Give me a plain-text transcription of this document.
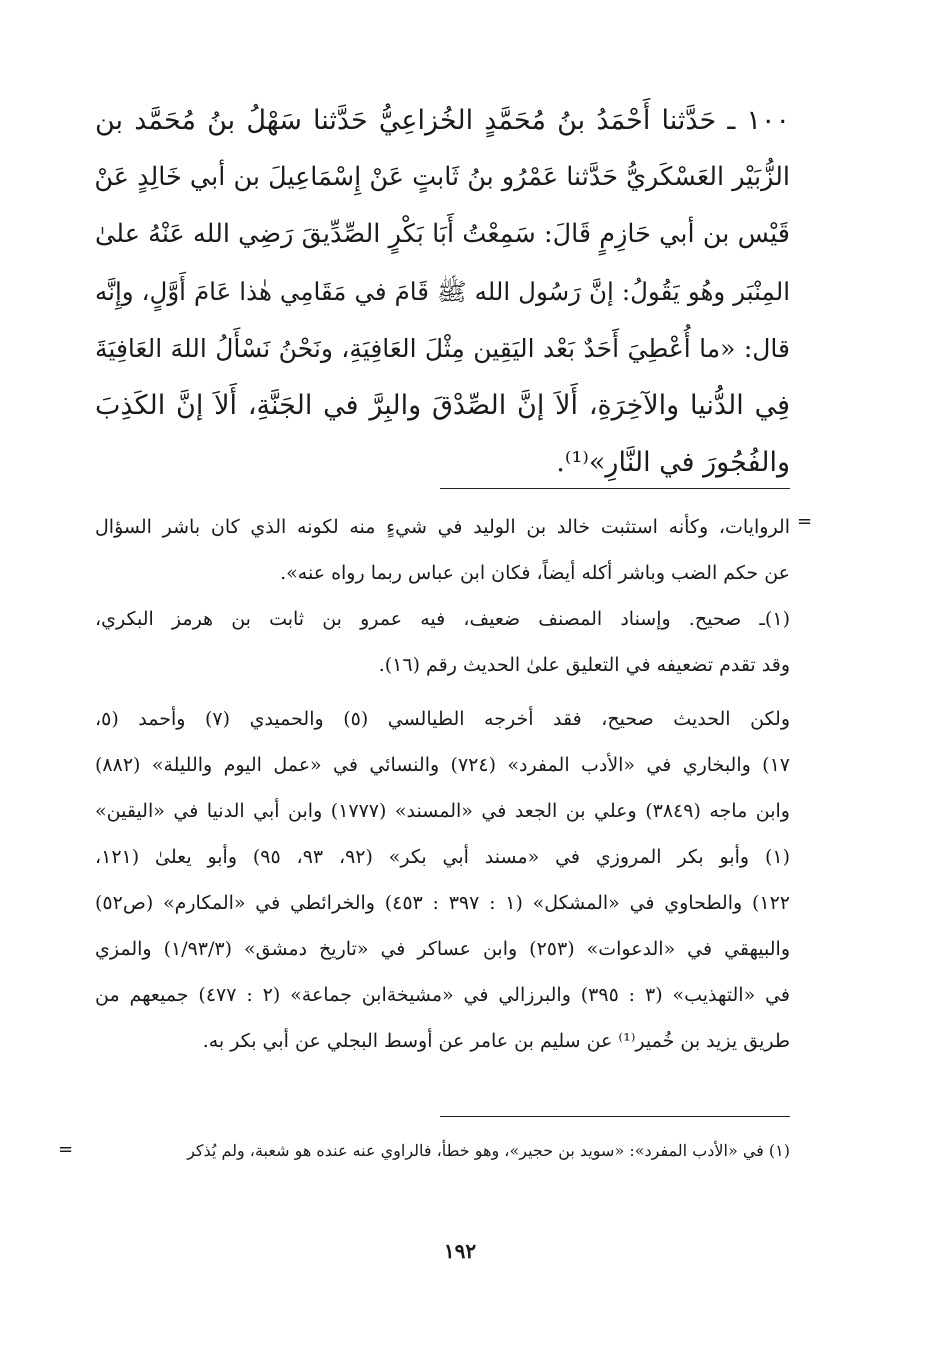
١٠٠ ـ حَدَّثنا أَحْمَدُ بنُ مُحَمَّدٍ الخُزاعِيُّ حَدَّثنا سَهْلُ بنُ مُحَمَّد بن
الزُّبَيْر العَسْكَريُّ حَدَّثنا عَمْرُو بنُ ثَابتٍ عَنْ إِسْمَاعِيلَ بن أبي خَالِدٍ عَنْ
قَيْس بن أبي حَازِمٍ قَالَ: سَمِعْتُ أَبَا بَكْرٍ الصِّدِّيقَ رَضِي الله عَنْهُ علىٰ
المِنْبَر وهُو يَقُولُ: إنَّ رَسُول الله ﷺ قَامَ في مَقَامِي هٰذا عَامَ أَوَّلٍ، وإِنَّه
قال: «ما أُعْطِيَ أَحَدٌ بَعْد اليَقِين مِثْلَ العَافِيَةِ، ونَحْنُ نَسْأَلُ اللهَ العَافِيَةَ
فِي الدُّنيا والآخِرَةِ، أَلاَ إنَّ الصِّدْقَ والبِرَّ في الجَنَّةِ، أَلاَ إنَّ الكَذِبَ
والفُجُورَ في النَّارِ»⁽¹⁾.
=
الروايات، وكأنه استثبت خالد بن الوليد في شيءٍ منه لكونه الذي كان باشر السؤال
عن حكم الضب وباشر أكله أيضاً، فكان ابن عباس ربما رواه عنه».
(١)ـ صحيح. وإسناد المصنف ضعيف، فيه عمرو بن ثابت بن هرمز البكري،
وقد تقدم تضعيفه في التعليق علىٰ الحديث رقم (١٦).
ولكن الحديث صحيح، فقد أخرجه الطيالسي (٥) والحميدي (٧) وأحمد (٥،
١٧) والبخاري في «الأدب المفرد» (٧٢٤) والنسائي في «عمل اليوم والليلة» (٨٨٢)
وابن ماجه (٣٨٤٩) وعلي بن الجعد في «المسند» (١٧٧٧) وابن أبي الدنيا في «اليقين»
(١) وأبو بكر المروزي في «مسند أبي بكر» (٩٢، ٩٣، ٩٥) وأبو يعلىٰ (١٢١،
١٢٢) والطحاوي في «المشكل» (١ : ٣٩٧ : ٤٥٣) والخرائطي في «المكارم» (ص٥٢)
والبيهقي في «الدعوات» (٢٥٣) وابن عساكر في «تاريخ دمشق» (١/٩٣/٣) والمزي
في «التهذيب» (٣ : ٣٩٥) والبرزالي في «مشيخةابن جماعة» (٢ : ٤٧٧) جميعهم من
طريق يزيد بن خُمير⁽¹⁾ عن سليم بن عامر عن أوسط البجلي عن أبي بكر به.
(١) في «الأدب المفرد»: «سويد بن حجير»، وهو خطأ، فالراوي عنه عنده هو شعبة، ولم يُذكر
=
١٩٢
